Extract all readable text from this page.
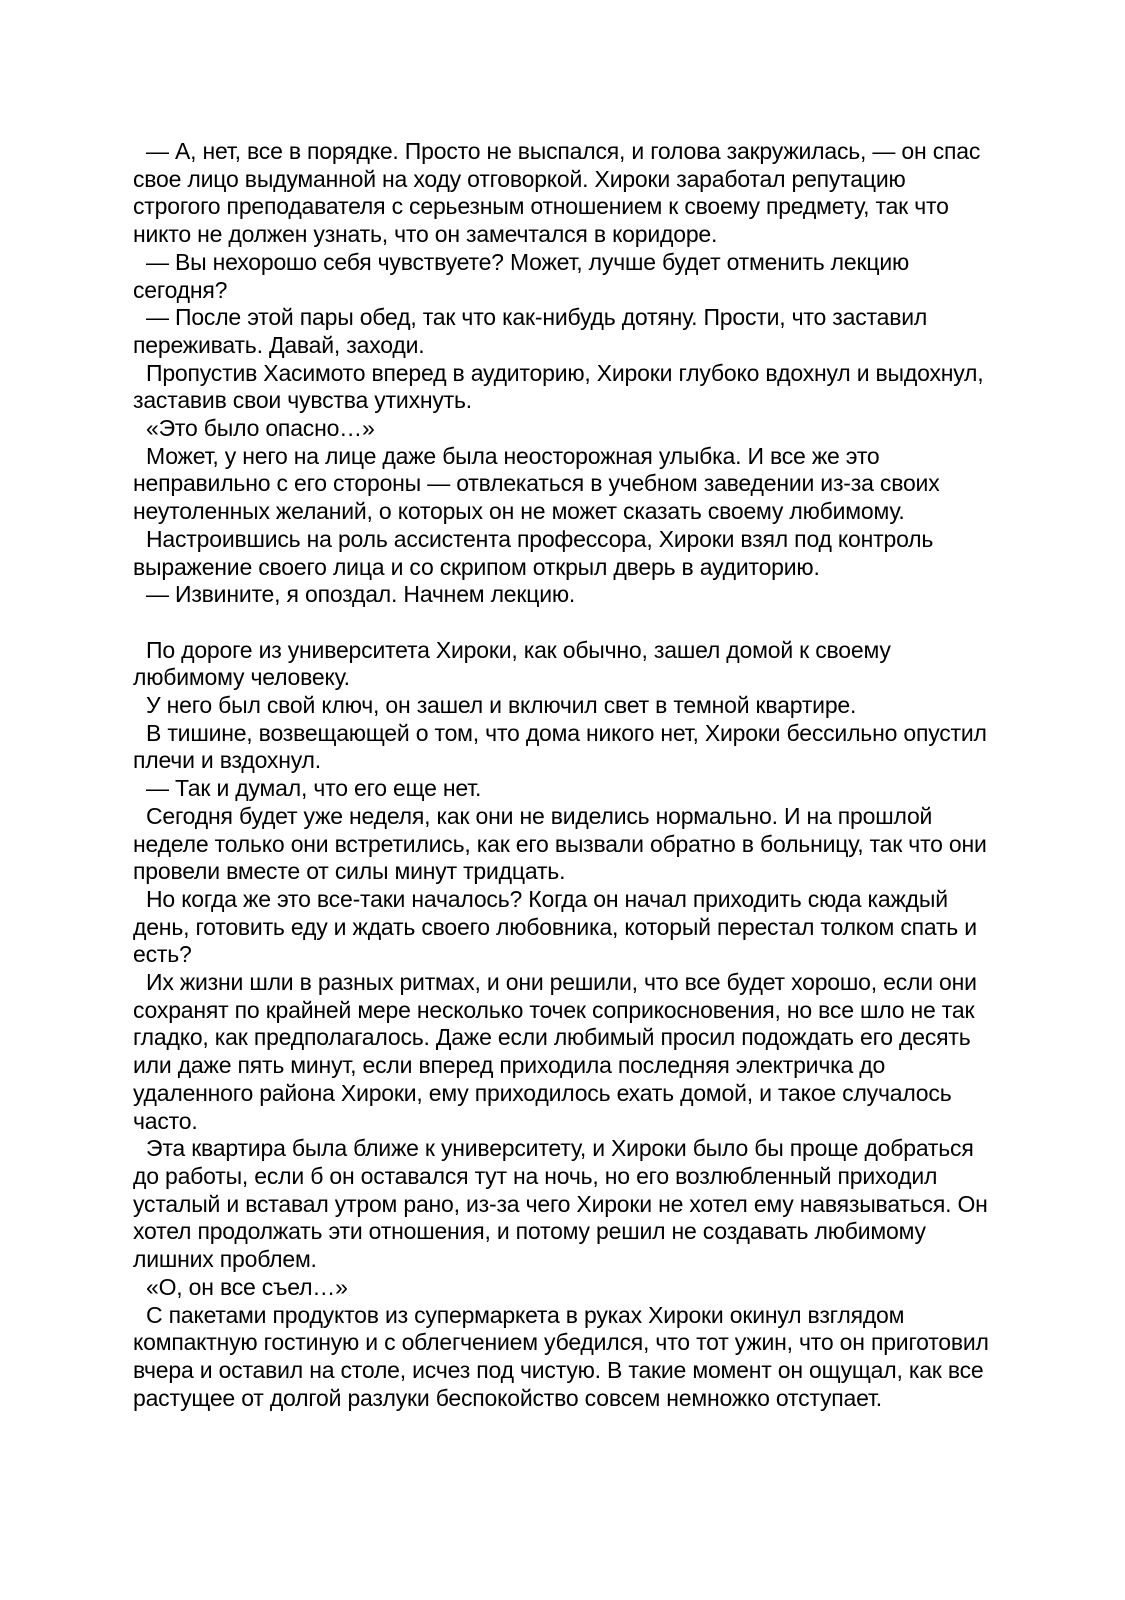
— А, нет, все в порядке. Просто не выспался, и голова закружилась, — он спас свое лицо выдуманной на ходу отговоркой. Хироки заработал репутацию строгого преподавателя с серьезным отношением к своему предмету, так что никто не должен узнать, что он замечтался в коридоре.

— Вы нехорошо себя чувствуете? Может, лучше будет отменить лекцию сегодня?

— После этой пары обед, так что как-нибудь дотяну. Прости, что заставил переживать. Давай, заходи.

Пропустив Хасимото вперед в аудиторию, Хироки глубоко вдохнул и выдохнул, заставив свои чувства утихнуть.

«Это было опасно…»

Может, у него на лице даже была неосторожная улыбка. И все же это неправильно с его стороны — отвлекаться в учебном заведении из-за своих неутоленных желаний, о которых он не может сказать своему любимому.

Настроившись на роль ассистента профессора, Хироки взял под контроль выражение своего лица и со скрипом открыл дверь в аудиторию.

— Извините, я опоздал. Начнем лекцию.

По дороге из университета Хироки, как обычно, зашел домой к своему любимому человеку.

У него был свой ключ, он зашел и включил свет в темной квартире.

В тишине, возвещающей о том, что дома никого нет, Хироки бессильно опустил плечи и вздохнул.

— Так и думал, что его еще нет.

Сегодня будет уже неделя, как они не виделись нормально. И на прошлой неделе только они встретились, как его вызвали обратно в больницу, так что они провели вместе от силы минут тридцать.

Но когда же это все-таки началось? Когда он начал приходить сюда каждый день, готовить еду и ждать своего любовника, который перестал толком спать и есть?

Их жизни шли в разных ритмах, и они решили, что все будет хорошо, если они сохранят по крайней мере несколько точек соприкосновения, но все шло не так гладко, как предполагалось. Даже если любимый просил подождать его десять или даже пять минут, если вперед приходила последняя электричка до удаленного района Хироки, ему приходилось ехать домой, и такое случалось часто.

Эта квартира была ближе к университету, и Хироки было бы проще добраться до работы, если б он оставался тут на ночь, но его возлюбленный приходил усталый и вставал утром рано, из-за чего Хироки не хотел ему навязываться. Он хотел продолжать эти отношения, и потому решил не создавать любимому лишних проблем.

«О, он все съел…»

С пакетами продуктов из супермаркета в руках Хироки окинул взглядом компактную гостиную и с облегчением убедился, что тот ужин, что он приготовил вчера и оставил на столе, исчез под чистую. В такие момент он ощущал, как все растущее от долгой разлуки беспокойство совсем немножко отступает.
